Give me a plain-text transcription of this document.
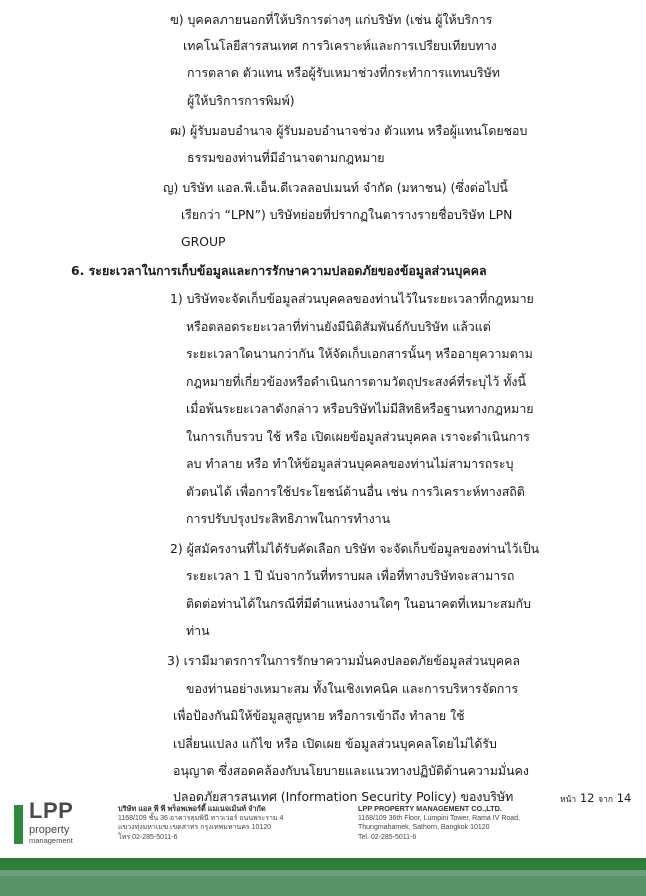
ฃ) บุคคลภายนอกที่ให้บริการต่างๆ แก่บริษัท (เช่น ผู้ให้บริการ
เทคโนโลยีสารสนเทศ การวิเคราะห์และการเปรียบเทียบทาง
การตลาด ตัวแทน หรือผู้รับเหมาช่วงที่กระทำการแทนบริษัท
ผู้ให้บริการการพิมพ์)
ฒ) ผู้รับมอบอำนาจ ผู้รับมอบอำนาจช่วง ตัวแทน หรือผู้แทนโดยชอบ
ธรรมของท่านที่มีอำนาจตามกฎหมาย
ญ) บริษัท แอล.พี.เอ็น.ดีเวลลอปเมนท์ จำกัด (มหาชน) (ซึ่งต่อไปนี้
เรียกว่า “LPN”) บริษัทย่อยที่ปรากฏในตารางรายชื่อบริษัท LPN
GROUP
6. ระยะเวลาในการเก็บข้อมูลและการรักษาความปลอดภัยของข้อมูลส่วนบุคคล
1) บริษัทจะจัดเก็บข้อมูลส่วนบุคคลของท่านไว้ในระยะเวลาที่กฎหมาย
หรือตลอดระยะเวลาที่ท่านยังมีนิติสัมพันธ์กับบริษัท แล้วแต่
ระยะเวลาใดนานกว่ากัน ให้จัดเก็บเอกสารนั้นๆ หรืออายุความตาม
กฎหมายที่เกี่ยวข้องหรือดำเนินการตามวัตถุประสงค์ที่ระบุไว้ ทั้งนี้
เมื่อพ้นระยะเวลาดังกล่าว หรือบริษัทไม่มีสิทธิหรือฐานทางกฎหมาย
ในการเก็บรวบ ใช้ หรือ เปิดเผยข้อมูลส่วนบุคคล เราจะดำเนินการ
ลบ ทำลาย หรือ ทำให้ข้อมูลส่วนบุคคลของท่านไม่สามารถระบุ
ตัวตนได้ เพื่อการใช้ประโยชน์ด้านอื่น เช่น การวิเคราะห์ทางสถิติ
การปรับปรุงประสิทธิภาพในการทำงาน
2) ผู้สมัครงานที่ไม่ได้รับคัดเลือก บริษัท จะจัดเก็บข้อมูลของท่านไว้เป็น
ระยะเวลา 1 ปี นับจากวันที่ทราบผล เพื่อที่ทางบริษัทจะสามารถ
ติดต่อท่านได้ในกรณีที่มีตำแหน่งงานใดๆ ในอนาคตที่เหมาะสมกับ
ท่าน
3) เรามีมาตรการในการรักษาความมั่นคงปลอดภัยข้อมูลส่วนบุคคล
ของท่านอย่างเหมาะสม ทั้งในเชิงเทคนิค และการบริหารจัดการ
เพื่อป้องกันมิให้ข้อมูลสูญหาย หรือการเข้าถึง ทำลาย ใช้
เปลี่ยนแปลง แก้ไข หรือ เปิดเผย ข้อมูลส่วนบุคคลโดยไม่ได้รับ
อนุญาต ซึ่งสอดคล้องกับนโยบายและแนวทางปฏิบัติด้านความมั่นคง
ปลอดภัยสารสนเทศ (Information Security Policy) ของบริษัท
LPP
property
management
บริษัท แอล พี พี พร็อพเพอร์ตี้ แมเนจเม้นท์ จำกัด
1168/109 ชั้น 36 อาคารลุมพินี ทาวเวอร์ ถนนพระราม 4
แขวงทุ่งมหาเมฆ เขตสาทร กรุงเทพมหานคร 10120
โทร 02-285-5011-6
LPP PROPERTY MANAGEMENT CO.,LTD.
1168/109 36th Floor, Lumpini Tower, Rama IV Road,
Thungmahamek, Sathorn, Bangkok 10120
Tel. 02-285-5011-6
หน้า 12 จาก 14
